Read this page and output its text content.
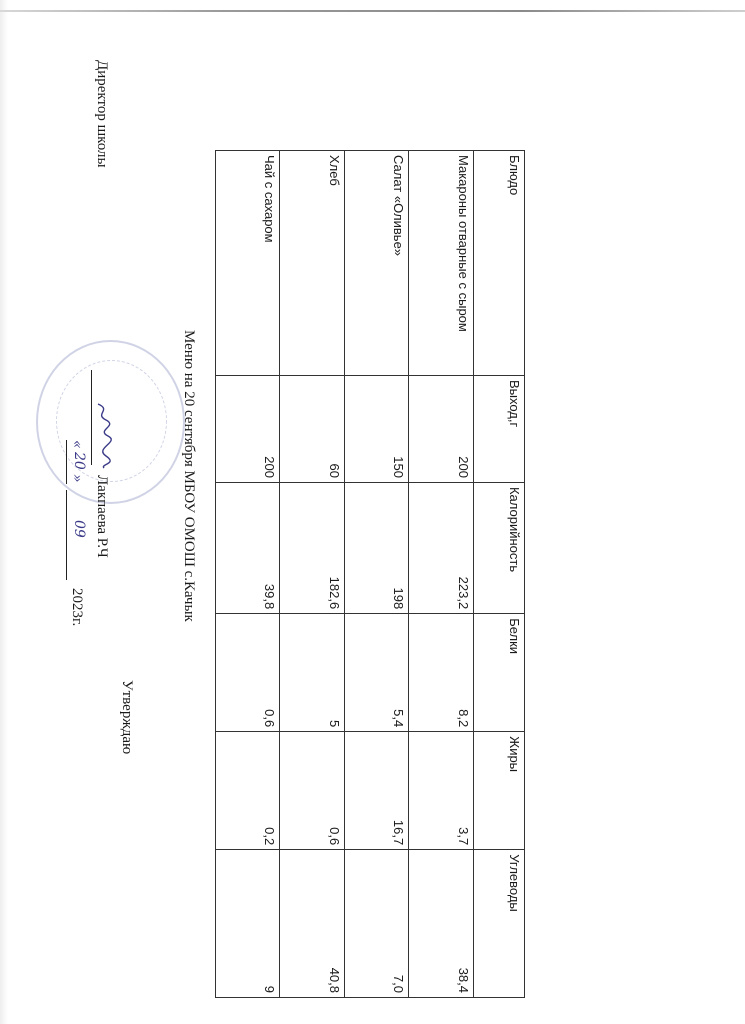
Утверждаю
Директор школы
Лакпаева Р.Ч
«
20
»
09
2023г.	Меню на 20 сентября МБОУ ОМОШ с.Качык
Блюдо	Выход,г	Калорийность	Белки	Жиры	Углеводы
Макароны отварные с сыром	200	223,2	8,2	3,7	38,4
Салат «Оливье»	150	198	5,4	16,7	7,0
Хлеб	60	182,6	5	0,6	40,8
Чай с сахаром	200	39,8	0,6	0,2	9
